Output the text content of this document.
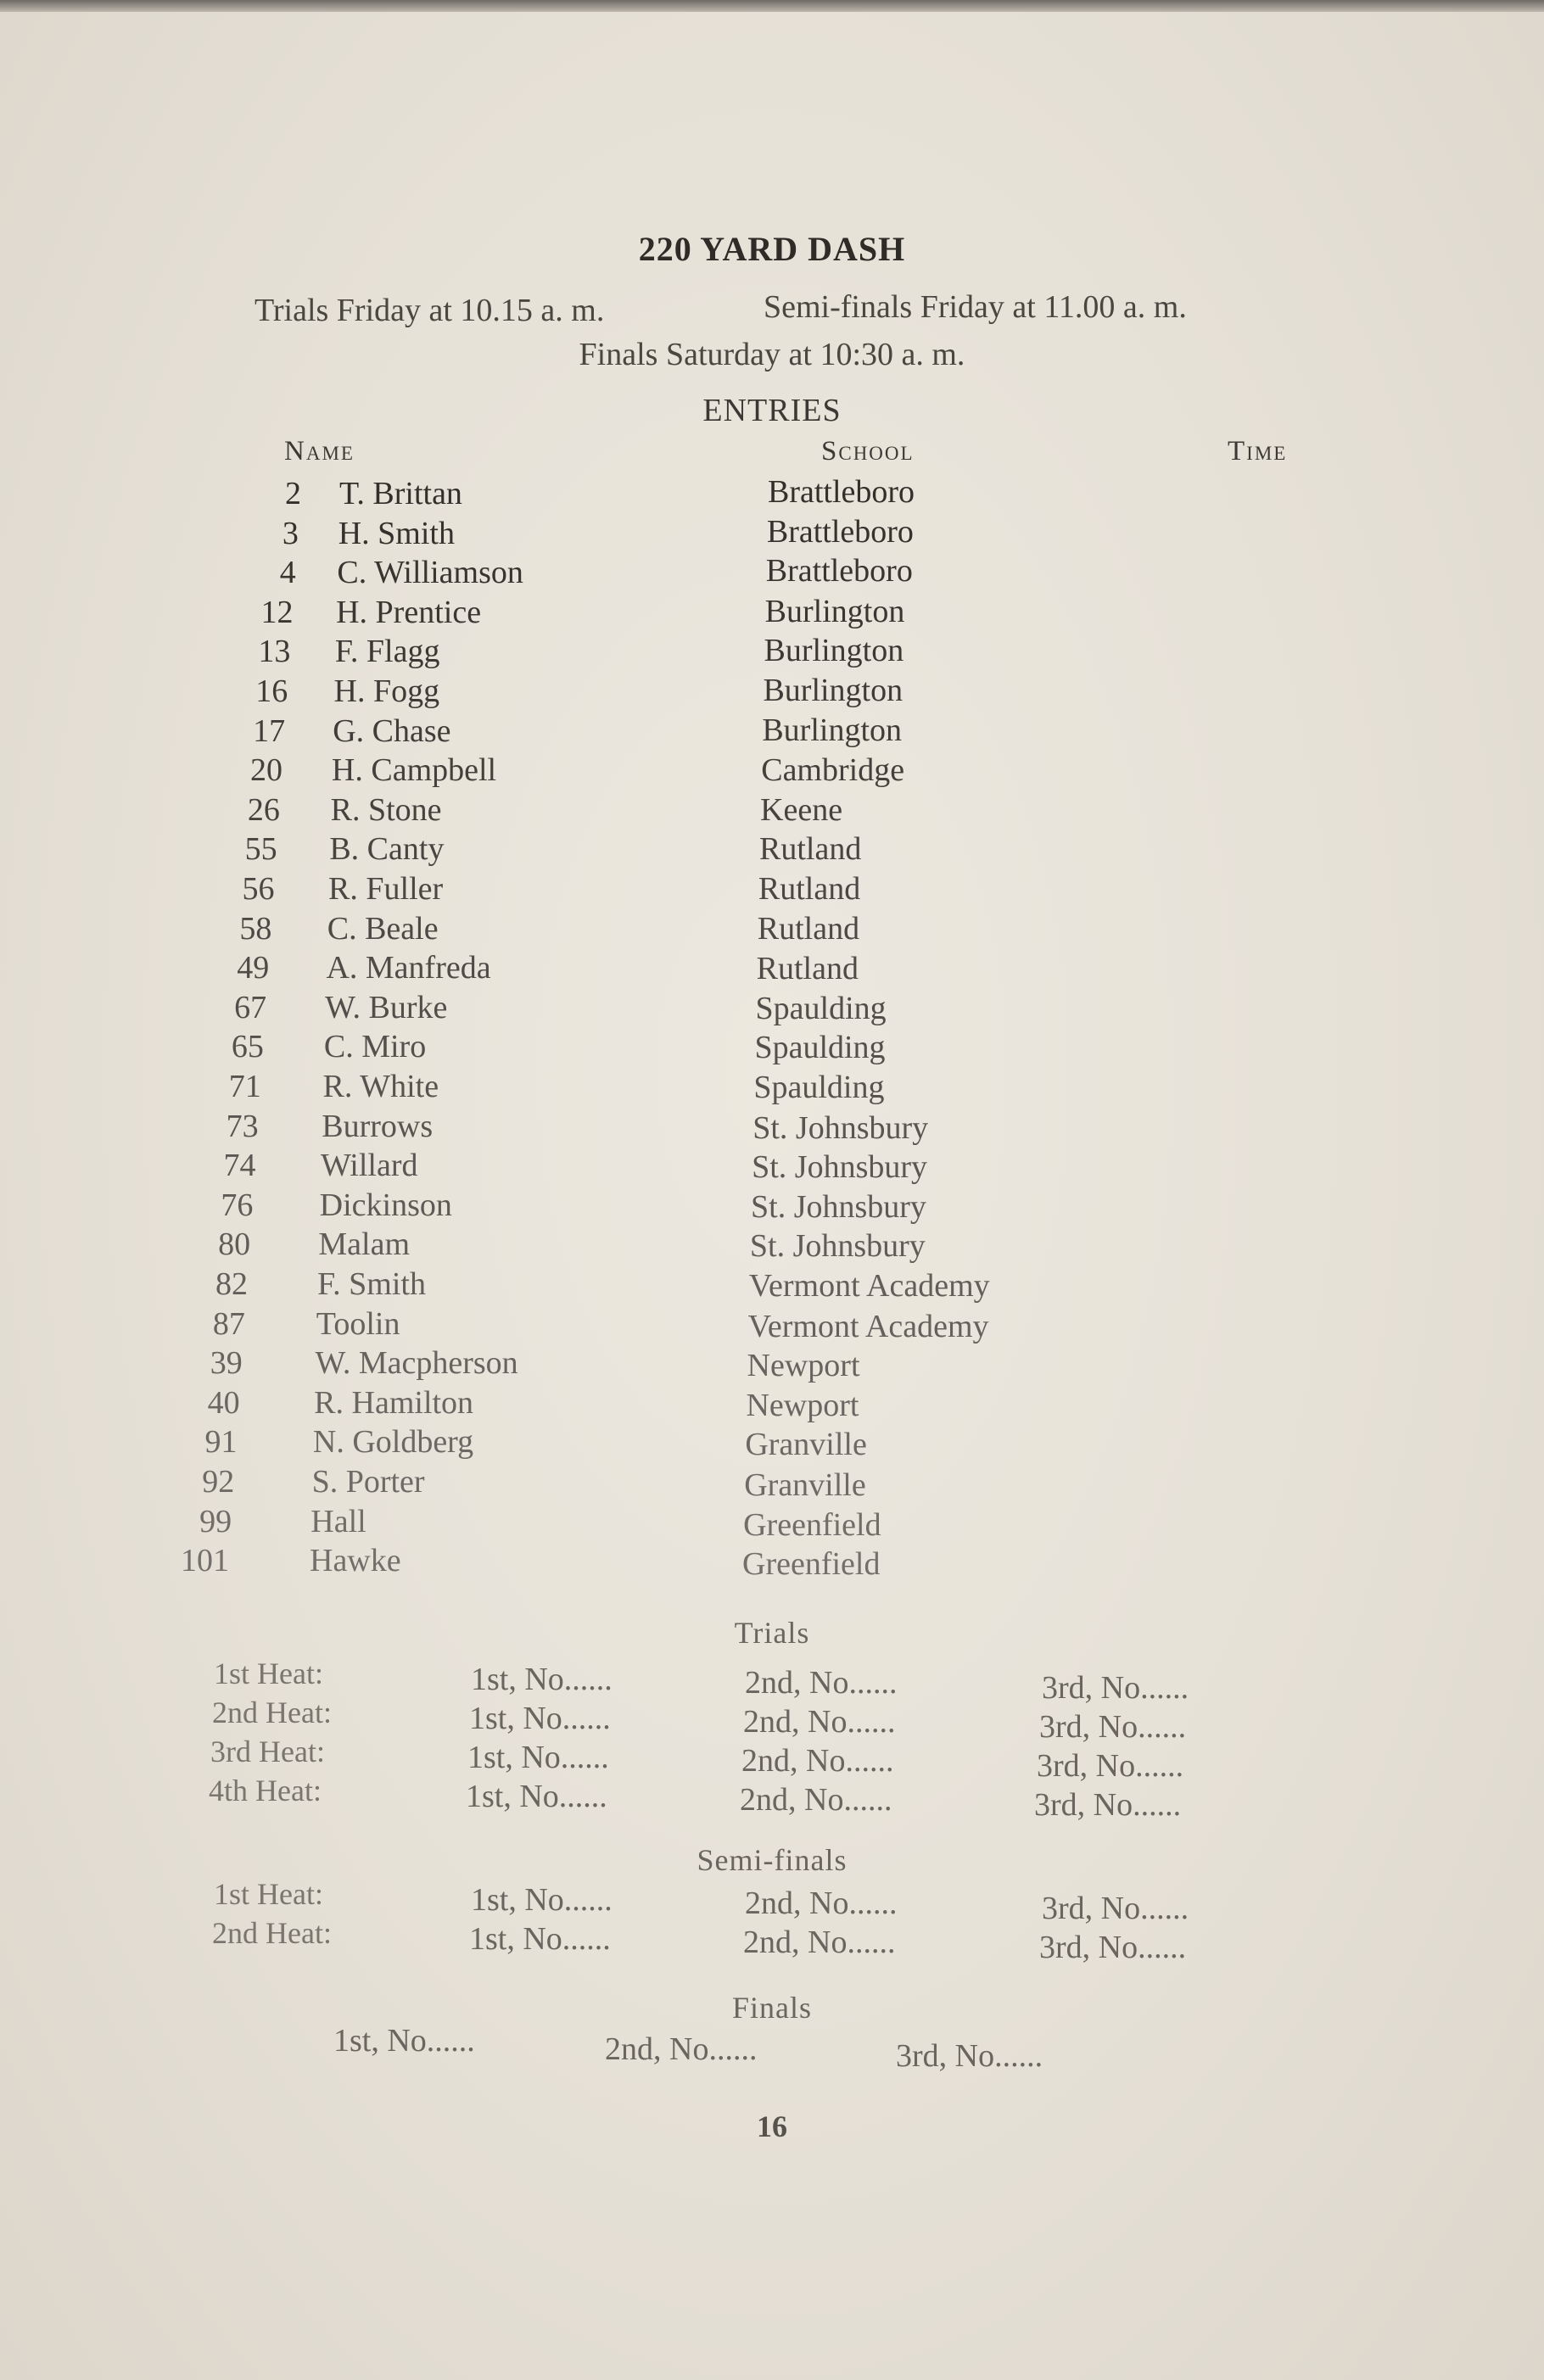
220 YARD DASH
Trials Friday at 10.15 a. m.	Semi-finals Friday at 11.00 a. m.
Finals Saturday at 10:30 a. m.
ENTRIES
Name	School	Time
2 T. Brittan	Brattleboro
3 H. Smith	Brattleboro
4 C. Williamson	Brattleboro
12 H. Prentice	Burlington
13 F. Flagg	Burlington
16 H. Fogg	Burlington
17 G. Chase	Burlington
20 H. Campbell	Cambridge
26 R. Stone	Keene
55 B. Canty	Rutland
56 R. Fuller	Rutland
58 C. Beale	Rutland
49 A. Manfreda	Rutland
67 W. Burke	Spaulding
65 C. Miro	Spaulding
71 R. White	Spaulding
73 Burrows	St. Johnsbury
74 Willard	St. Johnsbury
76 Dickinson	St. Johnsbury
80 Malam	St. Johnsbury
82 F. Smith	Vermont Academy
87 Toolin	Vermont Academy
39 W. Macpherson	Newport
40 R. Hamilton	Newport
91 N. Goldberg	Granville
92 S. Porter	Granville
99 Hall	Greenfield
101	Hawke	Greenfield
Trials
1st Heat:	1st, No......	2nd, No......	3rd, No......
2nd Heat:	1st, No......	2nd, No......	3rd, No......
3rd Heat:	1st, No......	2nd, No......	3rd, No......
4th Heat:	1st, No......	2nd, No......	3rd, No......
Semi-finals
1st Heat:	1st, No......	2nd, No......	3rd, No......
2nd Heat:	1st, No......	2nd, No......	3rd, No......
Finals
1st, No......	2nd, No......	3rd, No......
16
